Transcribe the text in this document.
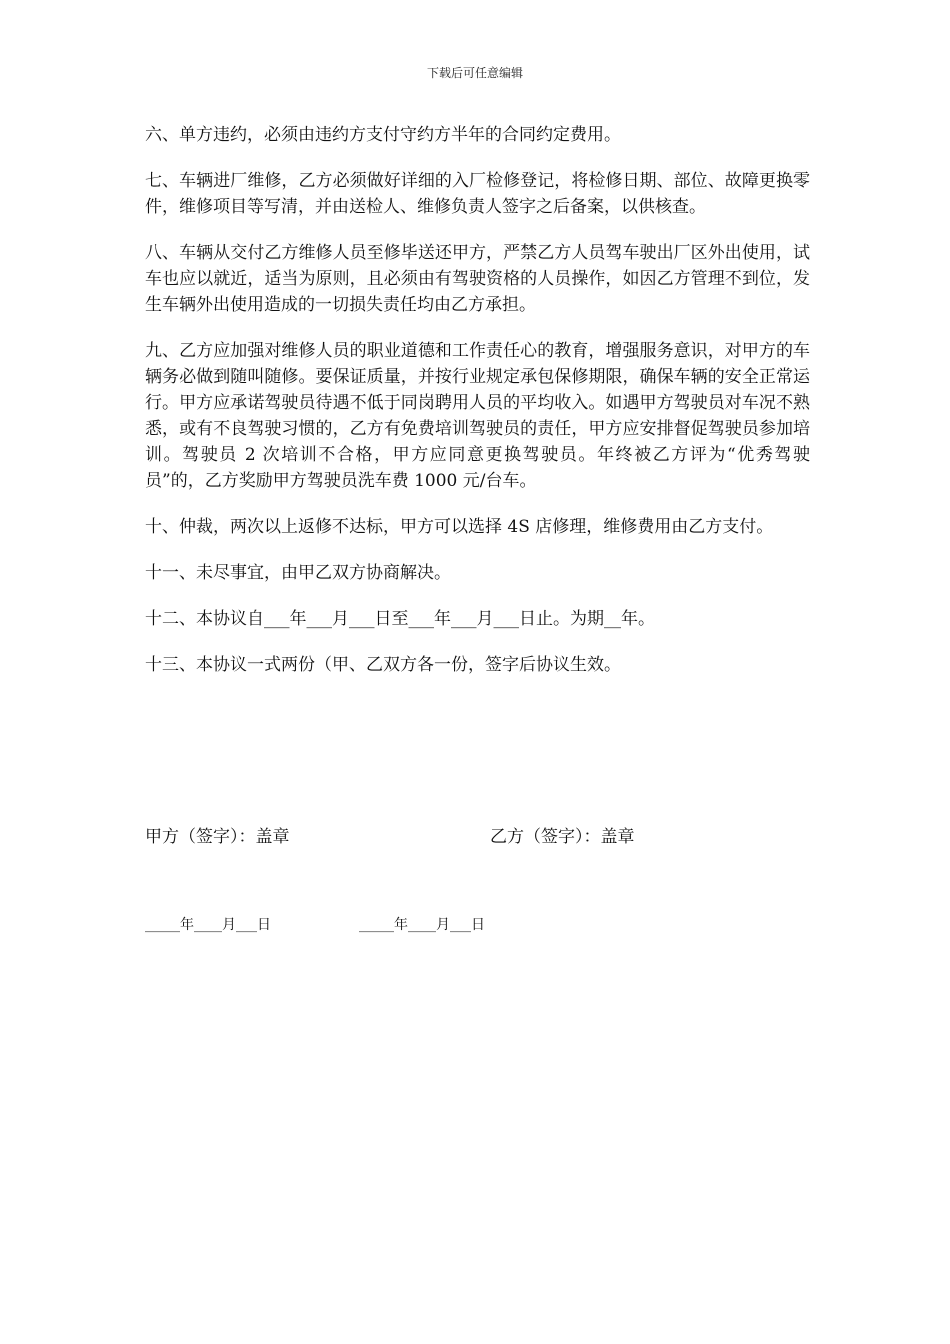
下载后可任意编辑

六、单方违约，必须由违约方支付守约方半年的合同约定费用。

七、车辆进厂维修，乙方必须做好详细的入厂检修登记，将检修日期、部位、故障更换零件，维修项目等写清，并由送检人、维修负责人签字之后备案，以供核查。

八、车辆从交付乙方维修人员至修毕送还甲方，严禁乙方人员驾车驶出厂区外出使用，试车也应以就近，适当为原则，且必须由有驾驶资格的人员操作，如因乙方管理不到位，发生车辆外出使用造成的一切损失责任均由乙方承担。

九、乙方应加强对维修人员的职业道德和工作责任心的教育，增强服务意识，对甲方的车辆务必做到随叫随修。要保证质量，并按行业规定承包保修期限，确保车辆的安全正常运行。甲方应承诺驾驶员待遇不低于同岗聘用人员的平均收入。如遇甲方驾驶员对车况不熟悉，或有不良驾驶习惯的，乙方有免费培训驾驶员的责任，甲方应安排督促驾驶员参加培训。驾驶员 2 次培训不合格，甲方应同意更换驾驶员。年终被乙方评为“优秀驾驶员”的，乙方奖励甲方驾驶员洗车费 1000 元/台车。

十、仲裁，两次以上返修不达标，甲方可以选择 4S 店修理，维修费用由乙方支付。

十一、未尽事宜，由甲乙双方协商解决。

十二、本协议自___年___月___日至___年___月___日止。为期__年。

十三、本协议一式两份（甲、乙双方各一份，签字后协议生效。

甲方（签字）：盖章	乙方（签字）：盖章
_____年____月___日	_____年____月___日
